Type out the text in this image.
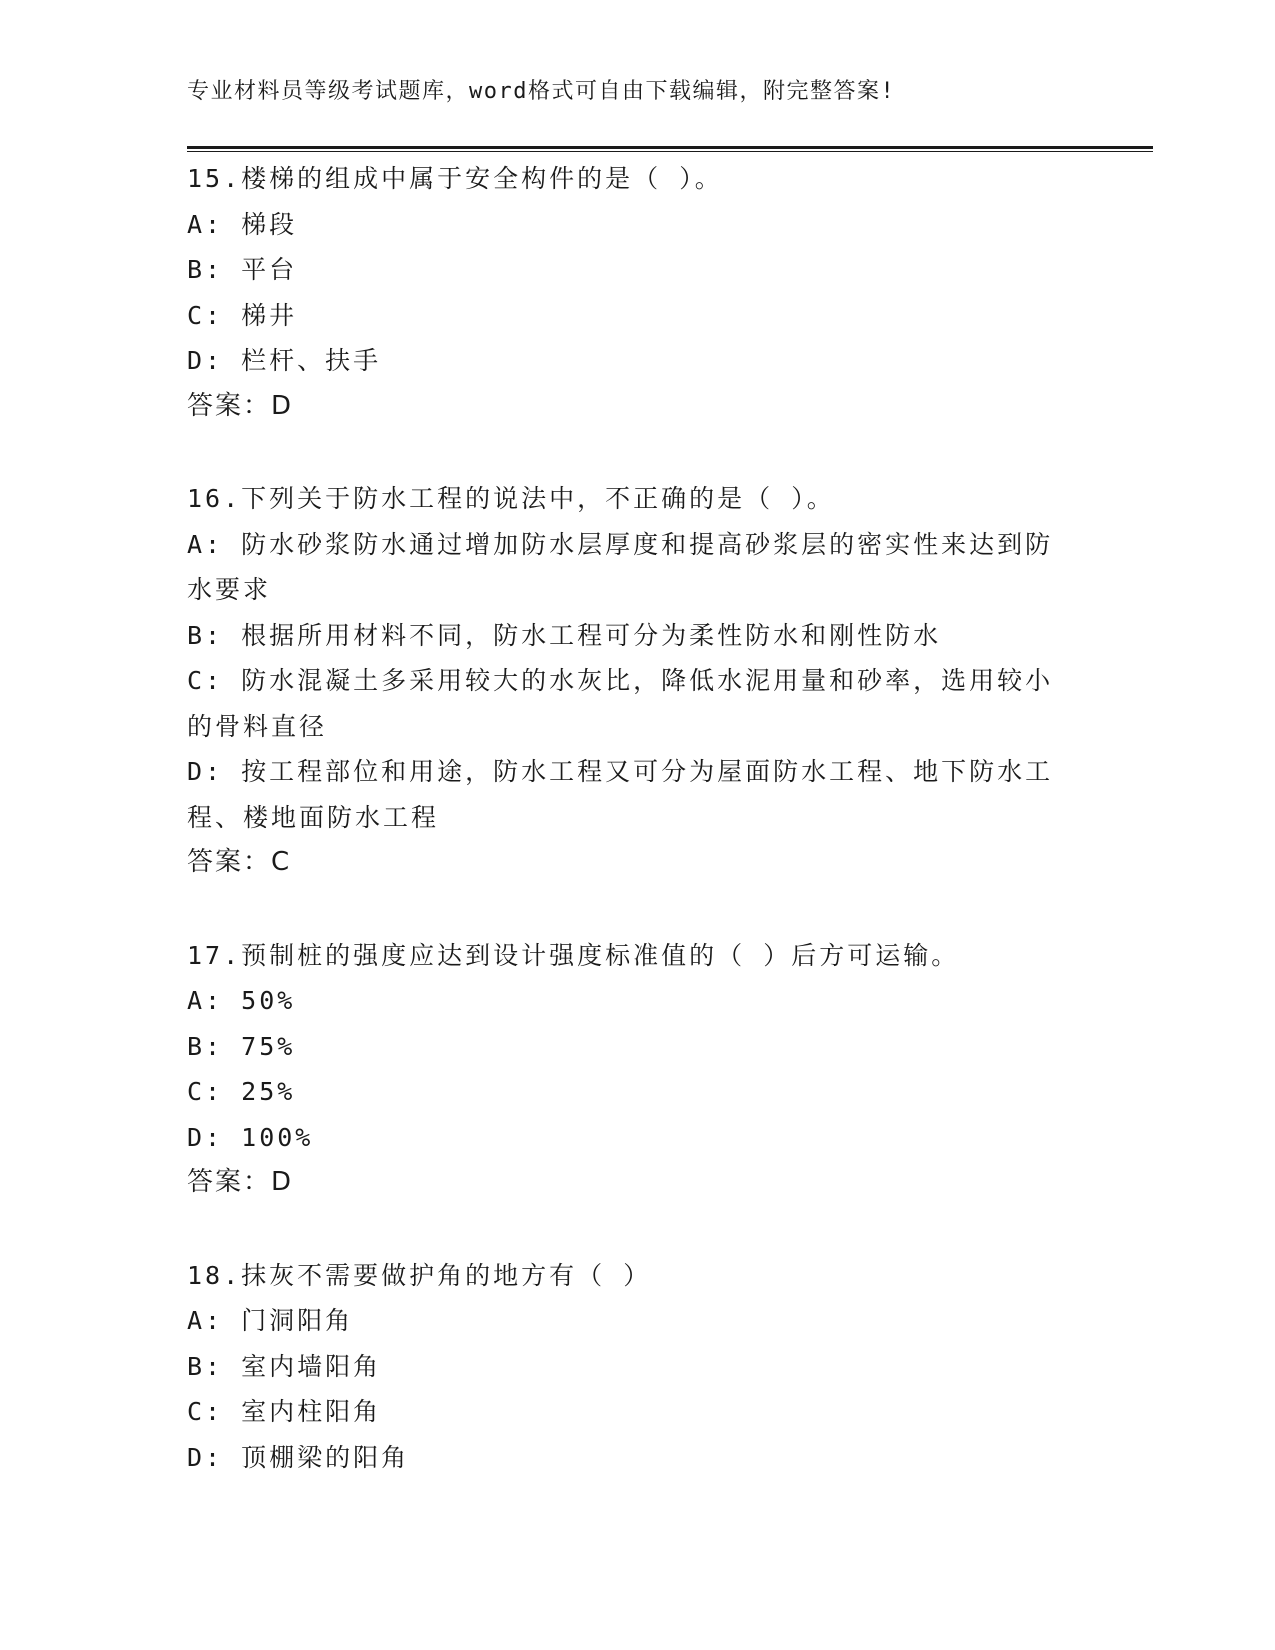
专业材料员等级考试题库，word格式可自由下载编辑，附完整答案!
15.楼梯的组成中属于安全构件的是（ ）。
A: 梯段
B: 平台
C: 梯井
D: 栏杆、扶手
答案：D
16.下列关于防水工程的说法中，不正确的是（ ）。
A: 防水砂浆防水通过增加防水层厚度和提高砂浆层的密实性来达到防水要求
B: 根据所用材料不同，防水工程可分为柔性防水和刚性防水
C: 防水混凝土多采用较大的水灰比，降低水泥用量和砂率，选用较小的骨料直径
D: 按工程部位和用途，防水工程又可分为屋面防水工程、地下防水工程、楼地面防水工程
答案：C
17.预制桩的强度应达到设计强度标准值的（ ）后方可运输。
A: 50%
B: 75%
C: 25%
D: 100%
答案：D
18.抹灰不需要做护角的地方有（ ）
A: 门洞阳角
B: 室内墙阳角
C: 室内柱阳角
D: 顶棚梁的阳角
